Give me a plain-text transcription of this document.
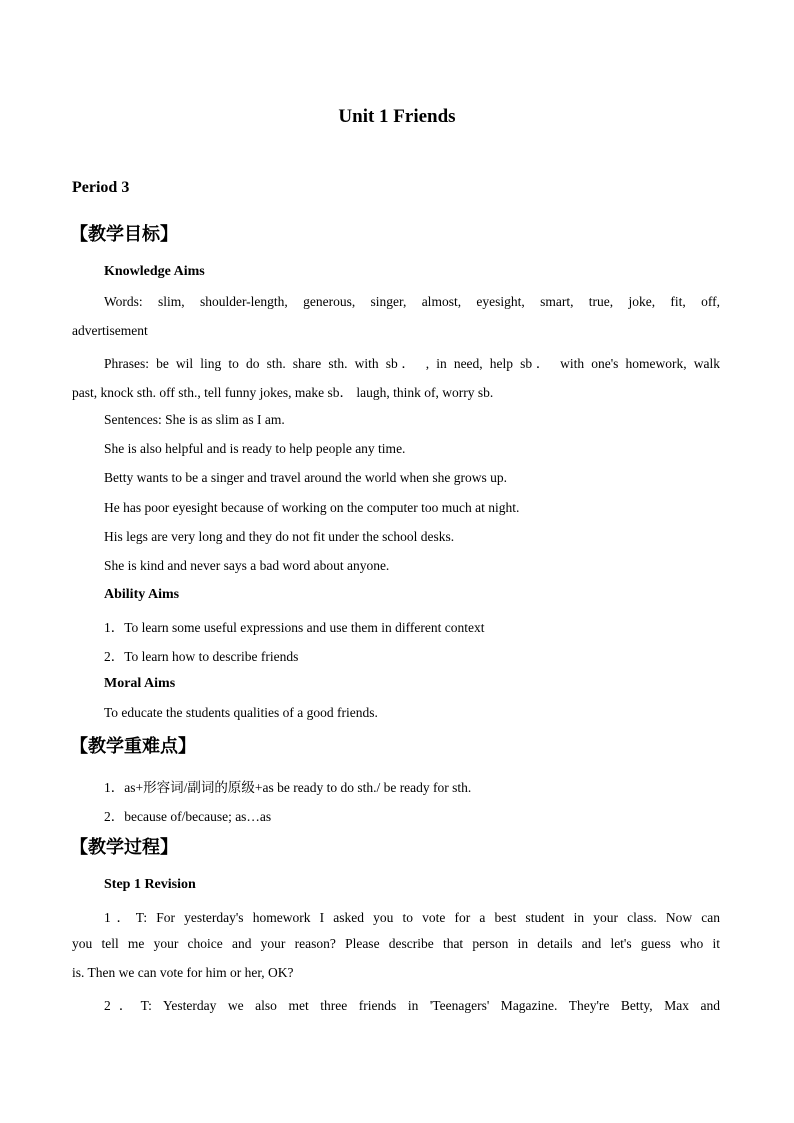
Unit 1 Friends
Period 3
【教学目标】
Knowledge Aims
Words: slim, shoulder-length, generous, singer, almost, eyesight, smart, true, joke, fit, off,
advertisement
Phrases: be wil ling to do sth. share sth. with sb． , in need, help sb． with one's homework, walk
past, knock sth. off sth., tell funny jokes, make sb． laugh, think of, worry sb.
Sentences: She is as slim as I am.
She is also helpful and is ready to help people any time.
Betty wants to be a singer and travel around the world when she grows up.
He has poor eyesight because of working on the computer too much at night.
His legs are very long and they do not fit under the school desks.
She is kind and never says a bad word about anyone.
Ability Aims
1．To learn some useful expressions and use them in different context
2．To learn how to describe friends
Moral Aims
To educate the students qualities of a good friends.
【教学重难点】
1．as+形容词/副词的原级+as be ready to do sth./ be ready for sth.
2．because of/because; as…as
【教学过程】
Step 1 Revision
1．T: For yesterday's homework I asked you to vote for a best student in your class. Now can
you tell me your choice and your reason? Please describe that person in details and let's guess who it
is. Then we can vote for him or her, OK?
2．T: Yesterday we also met three friends in 'Teenagers' Magazine. They're Betty, Max and
